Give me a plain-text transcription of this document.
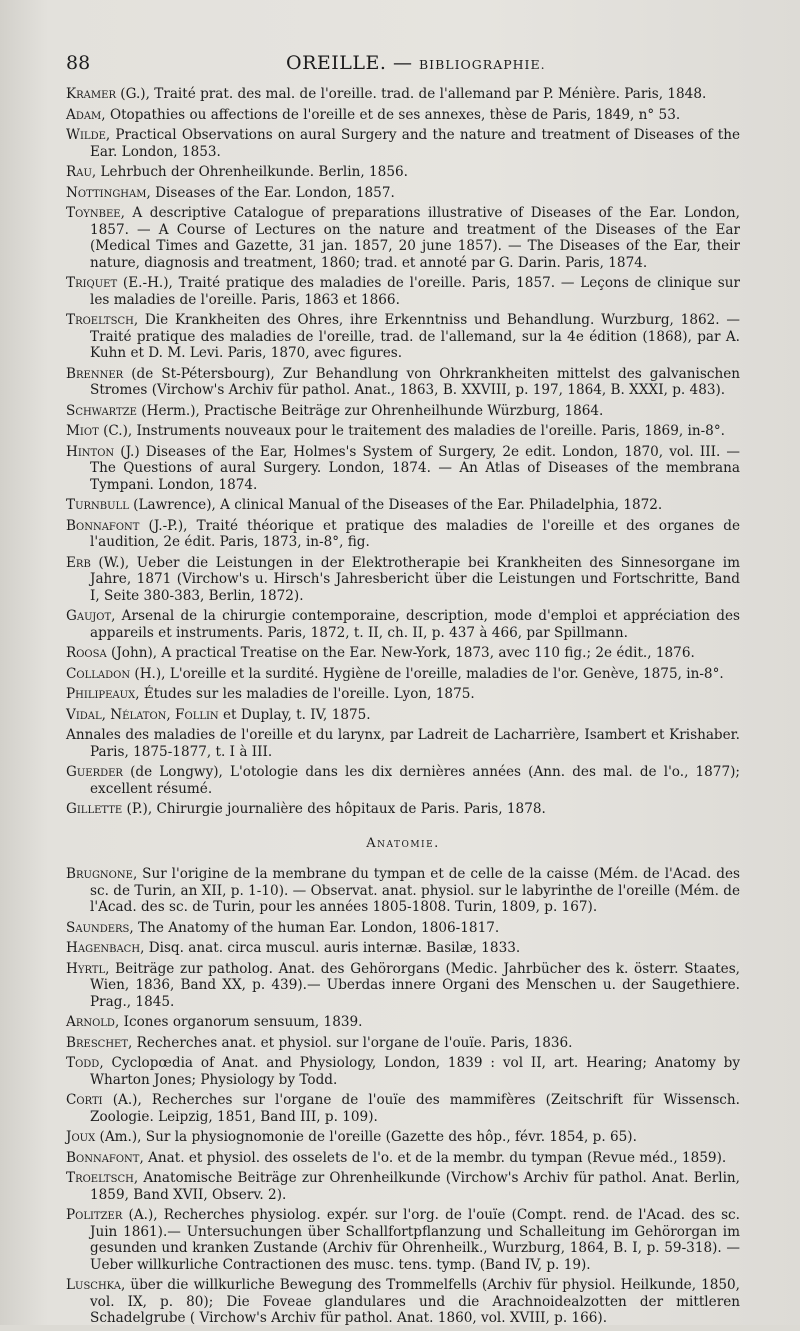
88	OREILLE. — BIBLIOGRAPHIE.
Kramer (G.), Traité prat. des mal. de l'oreille. trad. de l'allemand par P. Ménière. Paris, 1848.
Adam, Otopathies ou affections de l'oreille et de ses annexes, thèse de Paris, 1849, n° 53.
Wilde, Practical Observations on aural Surgery and the nature and treatment of Diseases of the Ear. London, 1853.
Rau, Lehrbuch der Ohrenheilkunde. Berlin, 1856.
Nottingham, Diseases of the Ear. London, 1857.
Toynbee, A descriptive Catalogue of preparations illustrative of Diseases of the Ear. London, 1857. — A Course of Lectures on the nature and treatment of the Diseases of the Ear (Medical Times and Gazette, 31 jan. 1857, 20 june 1857). — The Diseases of the Ear, their nature, diagnosis and treatment, 1860; trad. et annoté par G. Darin. Paris, 1874.
Triquet (E.-H.), Traité pratique des maladies de l'oreille. Paris, 1857. — Leçons de clinique sur les maladies de l'oreille. Paris, 1863 et 1866.
Troeltsch, Die Krankheiten des Ohres, ihre Erkenntniss und Behandlung. Wurzburg, 1862. — Traité pratique des maladies de l'oreille, trad. de l'allemand, sur la 4e édition (1868), par A. Kuhn et D. M. Levi. Paris, 1870, avec figures.
Brenner (de St-Pétersbourg), Zur Behandlung von Ohrkrankheiten mittelst des galvanischen Stromes (Virchow's Archiv für pathol. Anat., 1863, B. XXVIII, p. 197, 1864, B. XXXI, p. 483).
Schwartze (Herm.), Practische Beiträge zur Ohrenheilhunde Würzburg, 1864.
Miot (C.), Instruments nouveaux pour le traitement des maladies de l'oreille. Paris, 1869, in-8°.
Hinton (J.) Diseases of the Ear, Holmes's System of Surgery, 2e edit. London, 1870, vol. III. — The Questions of aural Surgery. London, 1874. — An Atlas of Diseases of the membrana Tympani. London, 1874.
Turnbull (Lawrence), A clinical Manual of the Diseases of the Ear. Philadelphia, 1872.
Bonnafont (J.-P.), Traité théorique et pratique des maladies de l'oreille et des organes de l'audition, 2e édit. Paris, 1873, in-8°, fig.
Erb (W.), Ueber die Leistungen in der Elektrotherapie bei Krankheiten des Sinnesorgane im Jahre, 1871 (Virchow's u. Hirsch's Jahresbericht über die Leistungen und Fortschritte, Band I, Seite 380-383, Berlin, 1872).
Gaujot, Arsenal de la chirurgie contemporaine, description, mode d'emploi et appréciation des appareils et instruments. Paris, 1872, t. II, ch. II, p. 437 à 466, par Spillmann.
Roosa (John), A practical Treatise on the Ear. New-York, 1873, avec 110 fig.; 2e édit., 1876.
Colladon (H.), L'oreille et la surdité. Hygiène de l'oreille, maladies de l'or. Genève, 1875, in-8°.
Philipeaux, Études sur les maladies de l'oreille. Lyon, 1875.
Vidal, Nélaton, Follin et Duplay, t. IV, 1875.
Annales des maladies de l'oreille et du larynx, par Ladreit de Lacharrière, Isambert et Krishaber. Paris, 1875-1877, t. I à III.
Guerder (de Longwy), L'otologie dans les dix dernières années (Ann. des mal. de l'o., 1877); excellent résumé.
Gillette (P.), Chirurgie journalière des hôpitaux de Paris. Paris, 1878.
Anatomie.
Brugnone, Sur l'origine de la membrane du tympan et de celle de la caisse (Mém. de l'Acad. des sc. de Turin, an XII, p. 1-10). — Observat. anat. physiol. sur le labyrinthe de l'oreille (Mém. de l'Acad. des sc. de Turin, pour les années 1805-1808. Turin, 1809, p. 167).
Saunders, The Anatomy of the human Ear. London, 1806-1817.
Hagenbach, Disq. anat. circa muscul. auris internæ. Basilæ, 1833.
Hyrtl, Beiträge zur patholog. Anat. des Gehörorgans (Medic. Jahrbücher des k. österr. Staates, Wien, 1836, Band XX, p. 439).— Uberdas innere Organi des Menschen u. der Saugethiere. Prag., 1845.
Arnold, Icones organorum sensuum, 1839.
Breschet, Recherches anat. et physiol. sur l'organe de l'ouïe. Paris, 1836.
Todd, Cyclopœdia of Anat. and Physiology, London, 1839 : vol II, art. Hearing; Anatomy by Wharton Jones; Physiology by Todd.
Corti (A.), Recherches sur l'organe de l'ouïe des mammifères (Zeitschrift für Wissensch. Zoologie. Leipzig, 1851, Band III, p. 109).
Joux (Am.), Sur la physiognomonie de l'oreille (Gazette des hôp., févr. 1854, p. 65).
Bonnafont, Anat. et physiol. des osselets de l'o. et de la membr. du tympan (Revue méd., 1859).
Troeltsch, Anatomische Beiträge zur Ohrenheilkunde (Virchow's Archiv für pathol. Anat. Berlin, 1859, Band XVII, Observ. 2).
Politzer (A.), Recherches physiolog. expér. sur l'org. de l'ouïe (Compt. rend. de l'Acad. des sc. Juin 1861).— Untersuchungen über Schallfortpflanzung und Schalleitung im Gehörorgan im gesunden und kranken Zustande (Archiv für Ohrenheilk., Wurzburg, 1864, B. I, p. 59-318). — Ueber willkurliche Contractionen des musc. tens. tymp. (Band IV, p. 19).
Luschka, über die willkurliche Bewegung des Trommelfells (Archiv für physiol. Heilkunde, 1850, vol. IX, p. 80); Die Foveae glandulares und die Arachnoidealzotten der mittleren Schadelgrube ( Virchow's Archiv für pathol. Anat. 1860, vol. XVIII, p. 166).
